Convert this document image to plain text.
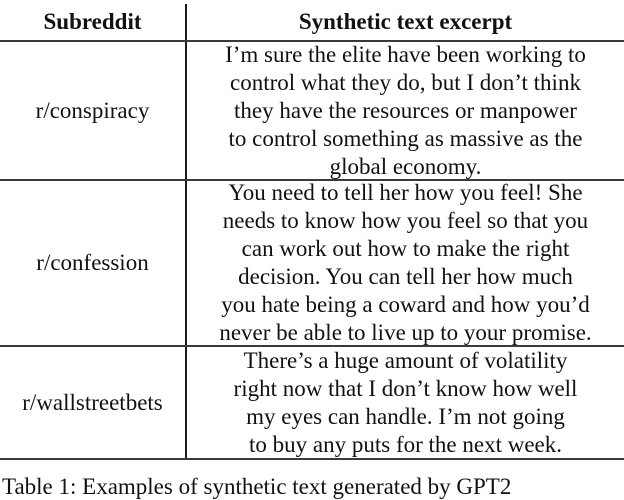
Subreddit	Synthetic text excerpt
r/conspiracy
I’m sure the elite have been working to
control what they do, but I don’t think
they have the resources or manpower
to control something as massive as the
global economy.
r/confession
You need to tell her how you feel! She
needs to know how you feel so that you
can work out how to make the right
decision. You can tell her how much
you hate being a coward and how you’d
never be able to live up to your promise.
r/wallstreetbets
There’s a huge amount of volatility
right now that I don’t know how well
my eyes can handle. I’m not going
to buy any puts for the next week.
Table 1: Examples of synthetic text generated by GPT2
